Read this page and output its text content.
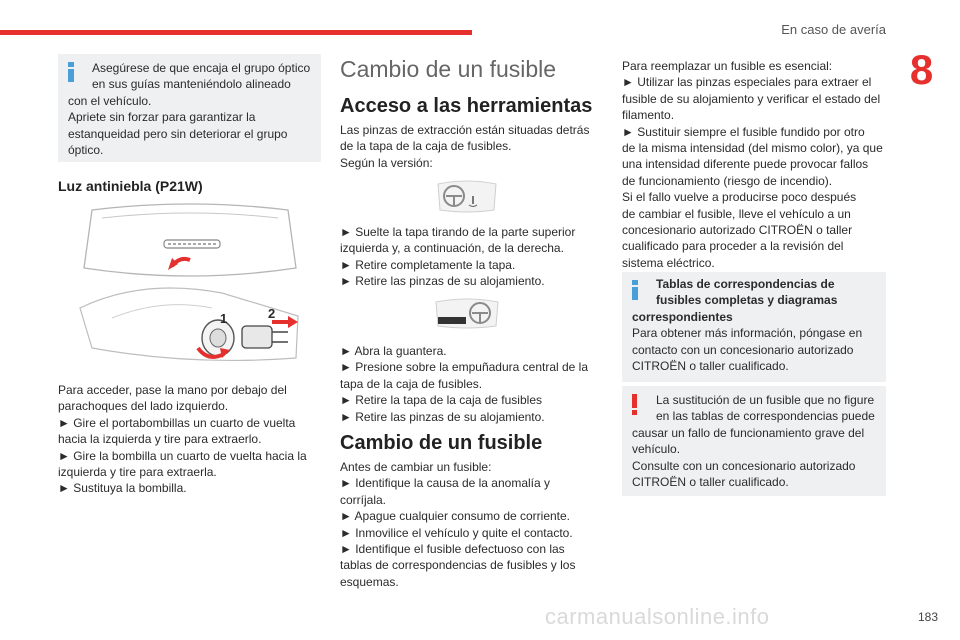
En caso de avería
8

Asegúrese de que encaja el grupo óptico

en sus guías manteniéndolo alineado

con el vehículo.

Apriete sin forzar para garantizar la

estanqueidad pero sin deteriorar el grupo

óptico.

Luz antiniebla (P21W)
1	2

Para acceder, pase la mano por debajo del

parachoques del lado izquierdo.

► Gire el portabombillas un cuarto de vuelta

hacia la izquierda y tire para extraerlo.

► Gire la bombilla un cuarto de vuelta hacia la

izquierda y tire para extraerla.

► Sustituya la bombilla.

Cambio de un fusible
Acceso a las herramientas

Las pinzas de extracción están situadas detrás

de la tapa de la caja de fusibles.

Según la versión:

► Suelte la tapa tirando de la parte superior

izquierda y, a continuación, de la derecha.

► Retire completamente la tapa.

► Retire las pinzas de su alojamiento.

► Abra la guantera.

► Presione sobre la empuñadura central de la

tapa de la caja de fusibles.

► Retire la tapa de la caja de fusibles

► Retire las pinzas de su alojamiento.

Cambio de un fusible

Antes de cambiar un fusible:

► Identifique la causa de la anomalía y

corríjala.

► Apague cualquier consumo de corriente.

► Inmovilice el vehículo y quite el contacto.

► Identifique el fusible defectuoso con las

tablas de correspondencias de fusibles y los

esquemas.

Para reemplazar un fusible es esencial:

► Utilizar las pinzas especiales para extraer el

fusible de su alojamiento y verificar el estado del

filamento.

► Sustituir siempre el fusible fundido por otro

de la misma intensidad (del mismo color), ya que

una intensidad diferente puede provocar fallos

de funcionamiento (riesgo de incendio).

Si el fallo vuelve a producirse poco después

de cambiar el fusible, lleve el vehículo a un

concesionario autorizado CITROËN o taller

cualificado para proceder a la revisión del

sistema eléctrico.

Tablas de correspondencias de

fusibles completas y diagramas

correspondientes

Para obtener más información, póngase en

contacto con un concesionario autorizado

CITROËN o taller cualificado.

La sustitución de un fusible que no figure

en las tablas de correspondencias puede

causar un fallo de funcionamiento grave del

vehículo.

Consulte con un concesionario autorizado

CITROËN o taller cualificado.

carmanualsonline.info	183
